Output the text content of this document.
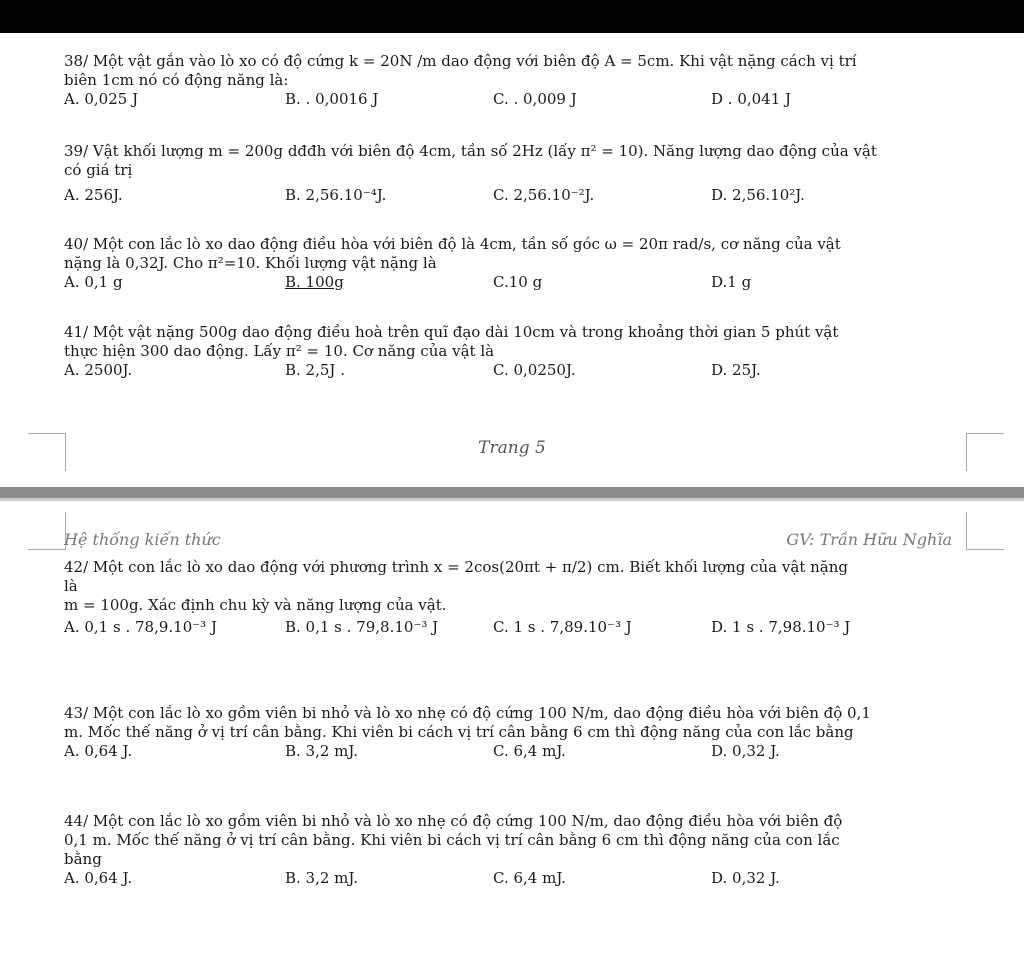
38/ Một vật gắn vào lò xo có độ cứng k = 20N /m dao động với biên độ A = 5cm. Khi vật nặng cách vị trí
biên 1cm nó có động năng là:
A. 0,025 J	B. . 0,0016 J	C. . 0,009 J	D . 0,041 J
39/ Vật khối lượng m = 200g dđđh với biên độ 4cm, tần số 2Hz (lấy π² = 10). Năng lượng dao động của vật
có giá trị
A. 256J.	B. 2,56.10⁻⁴J.	C. 2,56.10⁻²J.	D. 2,56.10²J.
40/ Một con lắc lò xo dao động điều hòa với biên độ là 4cm, tần số góc ω = 20π rad/s, cơ năng của vật
nặng là 0,32J. Cho π²=10. Khối lượng vật nặng là
A. 0,1 g	B. 100g	C.10 g	D.1 g
41/ Một vật nặng 500g dao động điều hoà trên quĩ đạo dài 10cm và trong khoảng thời gian 5 phút vật
thực hiện 300 dao động. Lấy π² = 10. Cơ năng của vật là
A. 2500J.	B. 2,5J .	C. 0,0250J.	D. 25J.
Trang 5
Hệ thống kiến thức	GV: Trần Hữu Nghĩa
42/ Một con lắc lò xo dao động với phương trình x = 2cos(20πt + π/2) cm. Biết khối lượng của vật nặng
là
m = 100g. Xác định chu kỳ và năng lượng của vật.
A. 0,1 s . 78,9.10⁻³ J	B. 0,1 s . 79,8.10⁻³ J	C. 1 s . 7,89.10⁻³ J	D. 1 s . 7,98.10⁻³ J
43/ Một con lắc lò xo gồm viên bi nhỏ và lò xo nhẹ có độ cứng 100 N/m, dao động điều hòa với biên độ 0,1
m. Mốc thế năng ở vị trí cân bằng. Khi viên bi cách vị trí cân bằng 6 cm thì động năng của con lắc bằng
A. 0,64 J.	B. 3,2 mJ.	C. 6,4 mJ.	D. 0,32 J.
44/ Một con lắc lò xo gồm viên bi nhỏ và lò xo nhẹ có độ cứng 100 N/m, dao động điều hòa với biên độ
0,1 m. Mốc thế năng ở vị trí cân bằng. Khi viên bi cách vị trí cân bằng 6 cm thì động năng của con lắc
bằng
A. 0,64 J.	B. 3,2 mJ.	C. 6,4 mJ.	D. 0,32 J.
